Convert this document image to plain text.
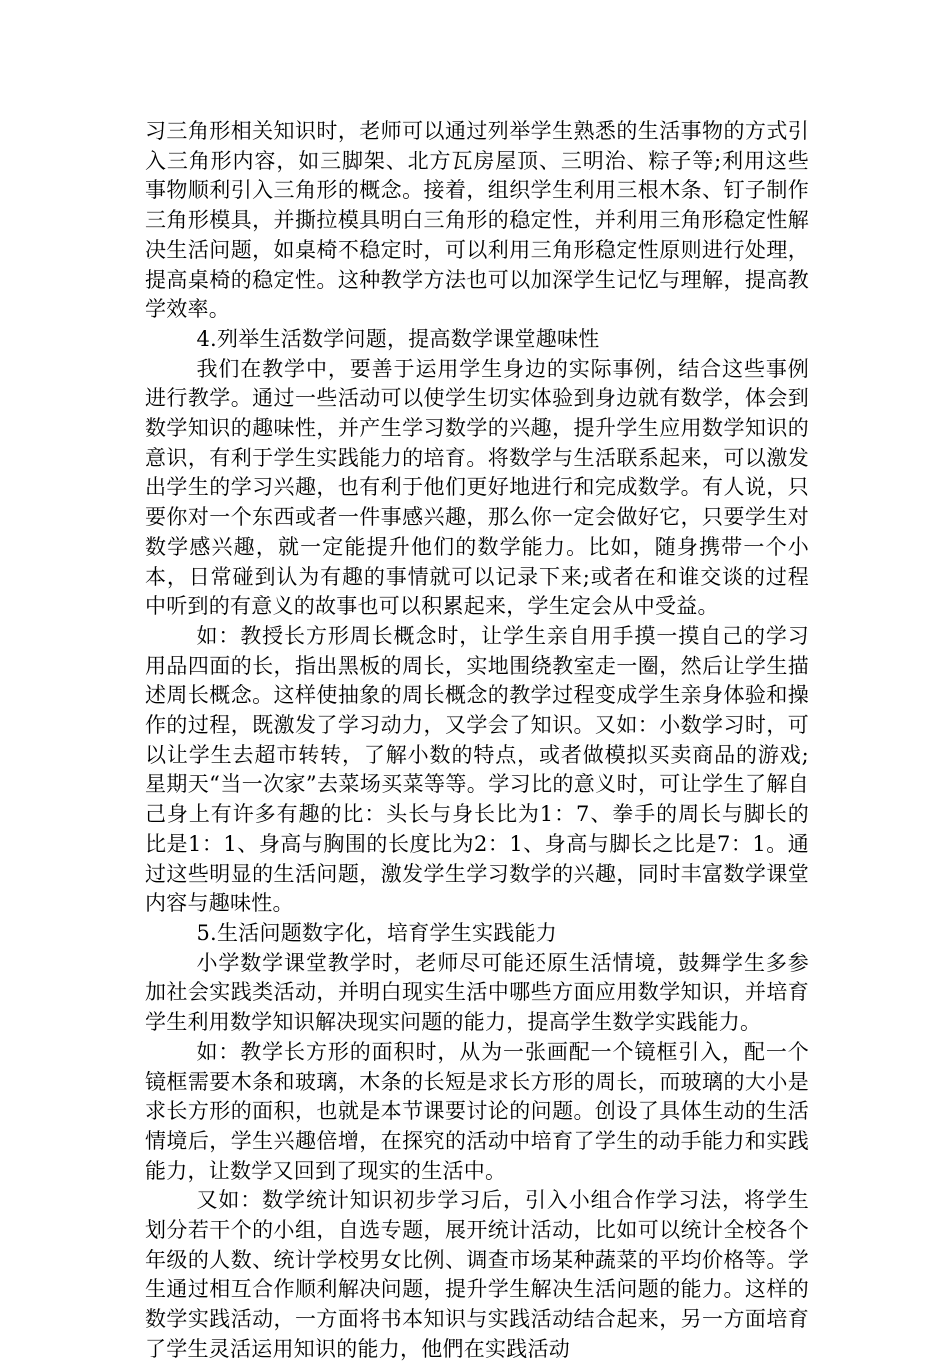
习三角形相关知识时，老师可以通过列举学生熟悉的生活事物的方式引入三角形内容，如三脚架、北方瓦房屋顶、三明治、粽子等;利用这些事物顺利引入三角形的概念。接着，组织学生利用三根木条、钉子制作三角形模具，并撕拉模具明白三角形的稳定性，并利用三角形稳定性解决生活问题，如桌椅不稳定时，可以利用三角形稳定性原则进行处理，提高桌椅的稳定性。这种教学方法也可以加深学生记忆与理解，提高教学效率。

4.列举生活数学问题，提高数学课堂趣味性

我们在教学中，要善于运用学生身边的实际事例，结合这些事例进行教学。通过一些活动可以使学生切实体验到身边就有数学，体会到数学知识的趣味性，并产生学习数学的兴趣，提升学生应用数学知识的意识，有利于学生实践能力的培育。将数学与生活联系起来，可以激发出学生的学习兴趣，也有利于他们更好地进行和完成数学。有人说，只要你对一个东西或者一件事感兴趣，那么你一定会做好它，只要学生对数学感兴趣，就一定能提升他们的数学能力。比如，随身携带一个小本，日常碰到认为有趣的事情就可以记录下来;或者在和谁交谈的过程中听到的有意义的故事也可以积累起来，学生定会从中受益。

如：教授长方形周长概念时，让学生亲自用手摸一摸自己的学习用品四面的长，指出黑板的周长，实地围绕教室走一圈，然后让学生描述周长概念。这样使抽象的周长概念的教学过程变成学生亲身体验和操作的过程，既激发了学习动力，又学会了知识。又如：小数学习时，可以让学生去超市转转，了解小数的特点，或者做模拟买卖商品的游戏;星期天“当一次家”去菜场买菜等等。学习比的意义时，可让学生了解自己身上有许多有趣的比：头长与身长比为1：7、拳手的周长与脚长的比是1：1、身高与胸围的长度比为2：1、身高与脚长之比是7：1。通过这些明显的生活问题，激发学生学习数学的兴趣，同时丰富数学课堂内容与趣味性。

5.生活问题数字化，培育学生实践能力

小学数学课堂教学时，老师尽可能还原生活情境，鼓舞学生多参加社会实践类活动，并明白现实生活中哪些方面应用数学知识，并培育学生利用数学知识解决现实问题的能力，提高学生数学实践能力。

如：教学长方形的面积时，从为一张画配一个镜框引入，配一个镜框需要木条和玻璃，木条的长短是求长方形的周长，而玻璃的大小是求长方形的面积，也就是本节课要讨论的问题。创设了具体生动的生活情境后，学生兴趣倍增，在探究的活动中培育了学生的动手能力和实践能力，让数学又回到了现实的生活中。

又如：数学统计知识初步学习后，引入小组合作学习法，将学生划分若干个的小组，自选专题，展开统计活动，比如可以统计全校各个年级的人数、统计学校男女比例、调查市场某种蔬菜的平均价格等。学生通过相互合作顺利解决问题，提升学生解决生活问题的能力。这样的数学实践活动，一方面将书本知识与实践活动结合起来，另一方面培育了学生灵活运用知识的能力，他們在实践活动
